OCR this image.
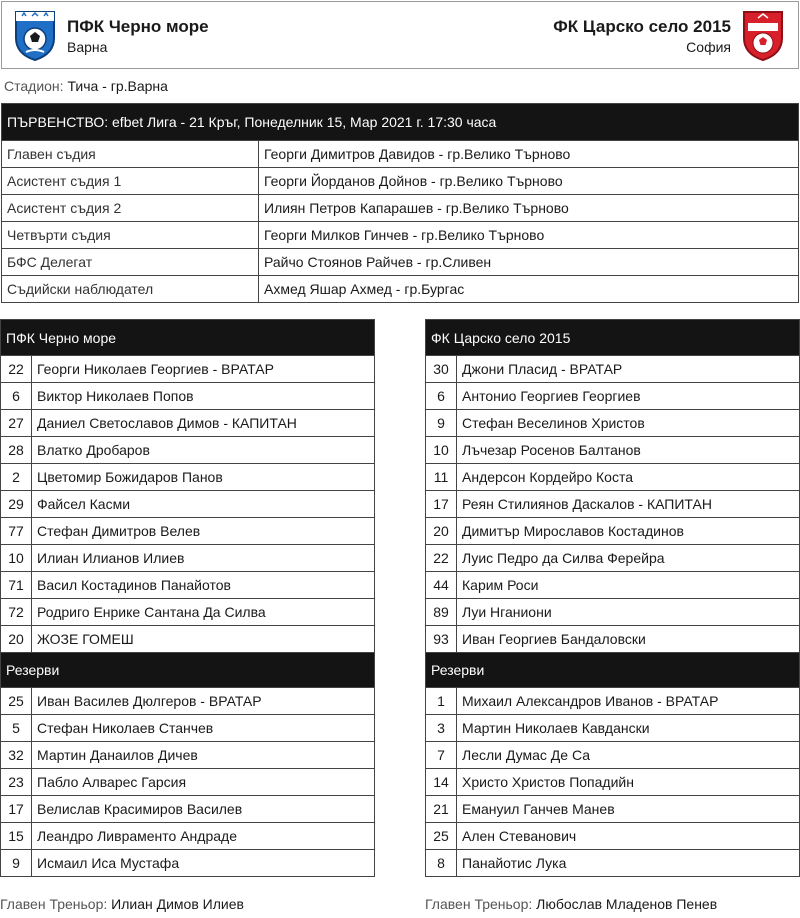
ПФК Черно море
Варна
ФК Царско село 2015
София
Стадион: Тича - гр.Варна
ПЪРВЕНСТВО: efbet Лига - 21 Кръг, Понеделник 15, Мар 2021 г. 17:30 часа	
Главен съдия	Георги Димитров Давидов - гр.Велико Търново
Асистент съдия 1	Георги Йорданов Дойнов - гр.Велико Търново
Асистент съдия 2	Илиян Петров Капарашев - гр.Велико Търново
Четвърти съдия	Георги Милков Гинчев - гр.Велико Търново
БФС Делегат	Райчо Стоянов Райчев - гр.Сливен
Съдийски наблюдател	Ахмед Яшар Ахмед - гр.Бургас
ПФК Черно море	
22	Георги Николаев Георгиев - ВРАТАР
6	Виктор Николаев Попов
27	Даниел Светославов Димов - КАПИТАН
28	Влатко Дробаров
2	Цветомир Божидаров Панов
29	Файсел Касми
77	Стефан Димитров Велев
10	Илиан Илианов Илиев
71	Васил Костадинов Панайотов
72	Родриго Енрике Сантана Да Силва
20	ЖОЗЕ ГОМЕШ
Резерви	
25	Иван Василев Дюлгеров - ВРАТАР
5	Стефан Николаев Станчев
32	Мартин Данаилов Дичев
23	Пабло Алварес Гарсия
17	Велислав Красимиров Василев
15	Леандро Ливраменто Андраде
9	Исмаил Иса Мустафа
ФК Царско село 2015	
30	Джони Пласид - ВРАТАР
6	Антонио Георгиев Георгиев
9	Стефан Веселинов Христов
10	Лъчезар Росенов Балтанов
11	Андерсон Кордейро Коста
17	Реян Стилиянов Даскалов - КАПИТАН
20	Димитър Мирославов Костадинов
22	Луис Педро да Силва Ферейра
44	Карим Роси
89	Луи Нганиони
93	Иван Георгиев Бандаловски
Резерви	
1	Михаил Александров Иванов - ВРАТАР
3	Мартин Николаев Кавдански
7	Лесли Думас Де Са
14	Христо Христов Попадийн
21	Емануил Ганчев Манев
25	Ален Стеванович
8	Панайотис Лука
Главен Треньор: Илиан Димов Илиев	Главен Треньор: Любослав Младенов Пенев
